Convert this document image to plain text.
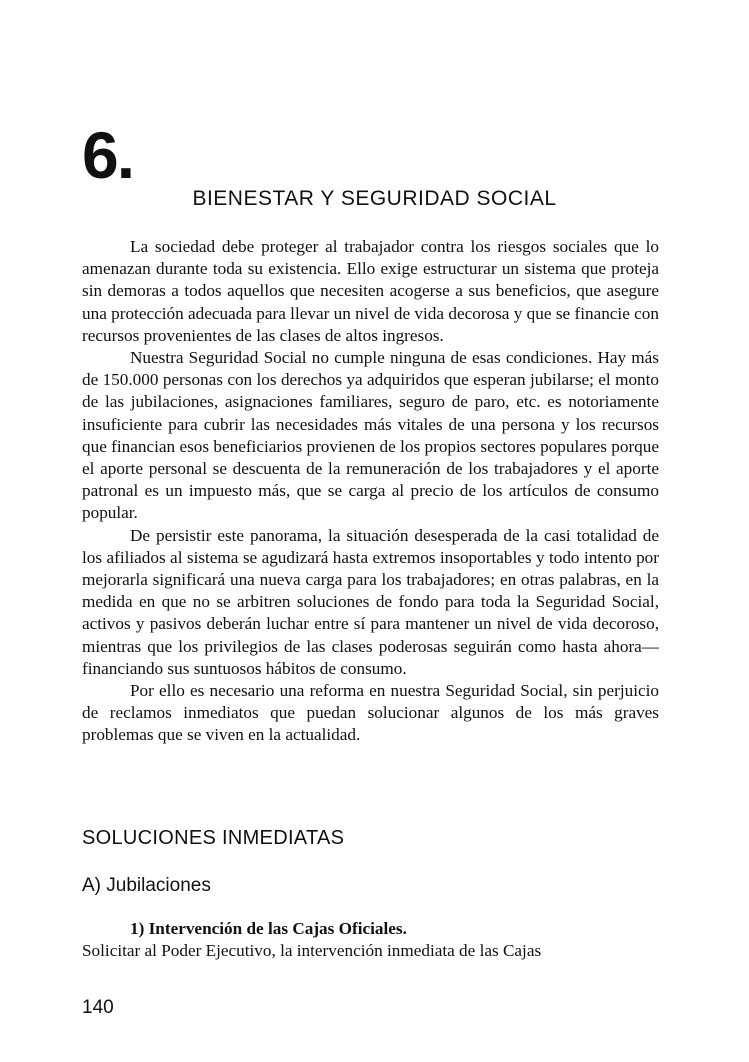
6.
BIENESTAR Y SEGURIDAD SOCIAL

La sociedad debe proteger al trabajador contra los riesgos sociales que lo amenazan durante toda su existencia. Ello exige estructurar un sistema que proteja sin demoras a todos aquellos que necesiten acogerse a sus beneficios, que asegure una protección adecuada para llevar un nivel de vida decorosa y que se financie con recursos provenientes de las clases de altos ingresos.

Nuestra Seguridad Social no cumple ninguna de esas condiciones. Hay más de 150.000 personas con los derechos ya adquiridos que esperan jubilarse; el monto de las jubilaciones, asignaciones familiares, seguro de paro, etc. es notoriamente insuficiente para cubrir las necesidades más vitales de una persona y los recursos que financian esos beneficiarios provienen de los propios sectores populares porque el aporte personal se descuenta de la remuneración de los trabajadores y el aporte patronal es un impuesto más, que se carga al precio de los artículos de consumo popular.

De persistir este panorama, la situación desesperada de la casi totalidad de los afiliados al sistema se agudizará hasta extremos insoportables y todo intento por mejorarla significará una nueva carga para los trabajadores; en otras palabras, en la medida en que no se arbitren soluciones de fondo para toda la Seguridad Social, activos y pasivos deberán luchar entre sí para mantener un nivel de vida decoroso, mientras que los privilegios de las clases poderosas seguirán como hasta ahora— financiando sus suntuosos hábitos de consumo.

Por ello es necesario una reforma en nuestra Seguridad Social, sin perjuicio de reclamos inmediatos que puedan solucionar algunos de los más graves problemas que se viven en la actualidad.

SOLUCIONES INMEDIATAS
A) Jubilaciones
1) Intervención de las Cajas Oficiales.
Solicitar al Poder Ejecutivo, la intervención inmediata de las Cajas
140
